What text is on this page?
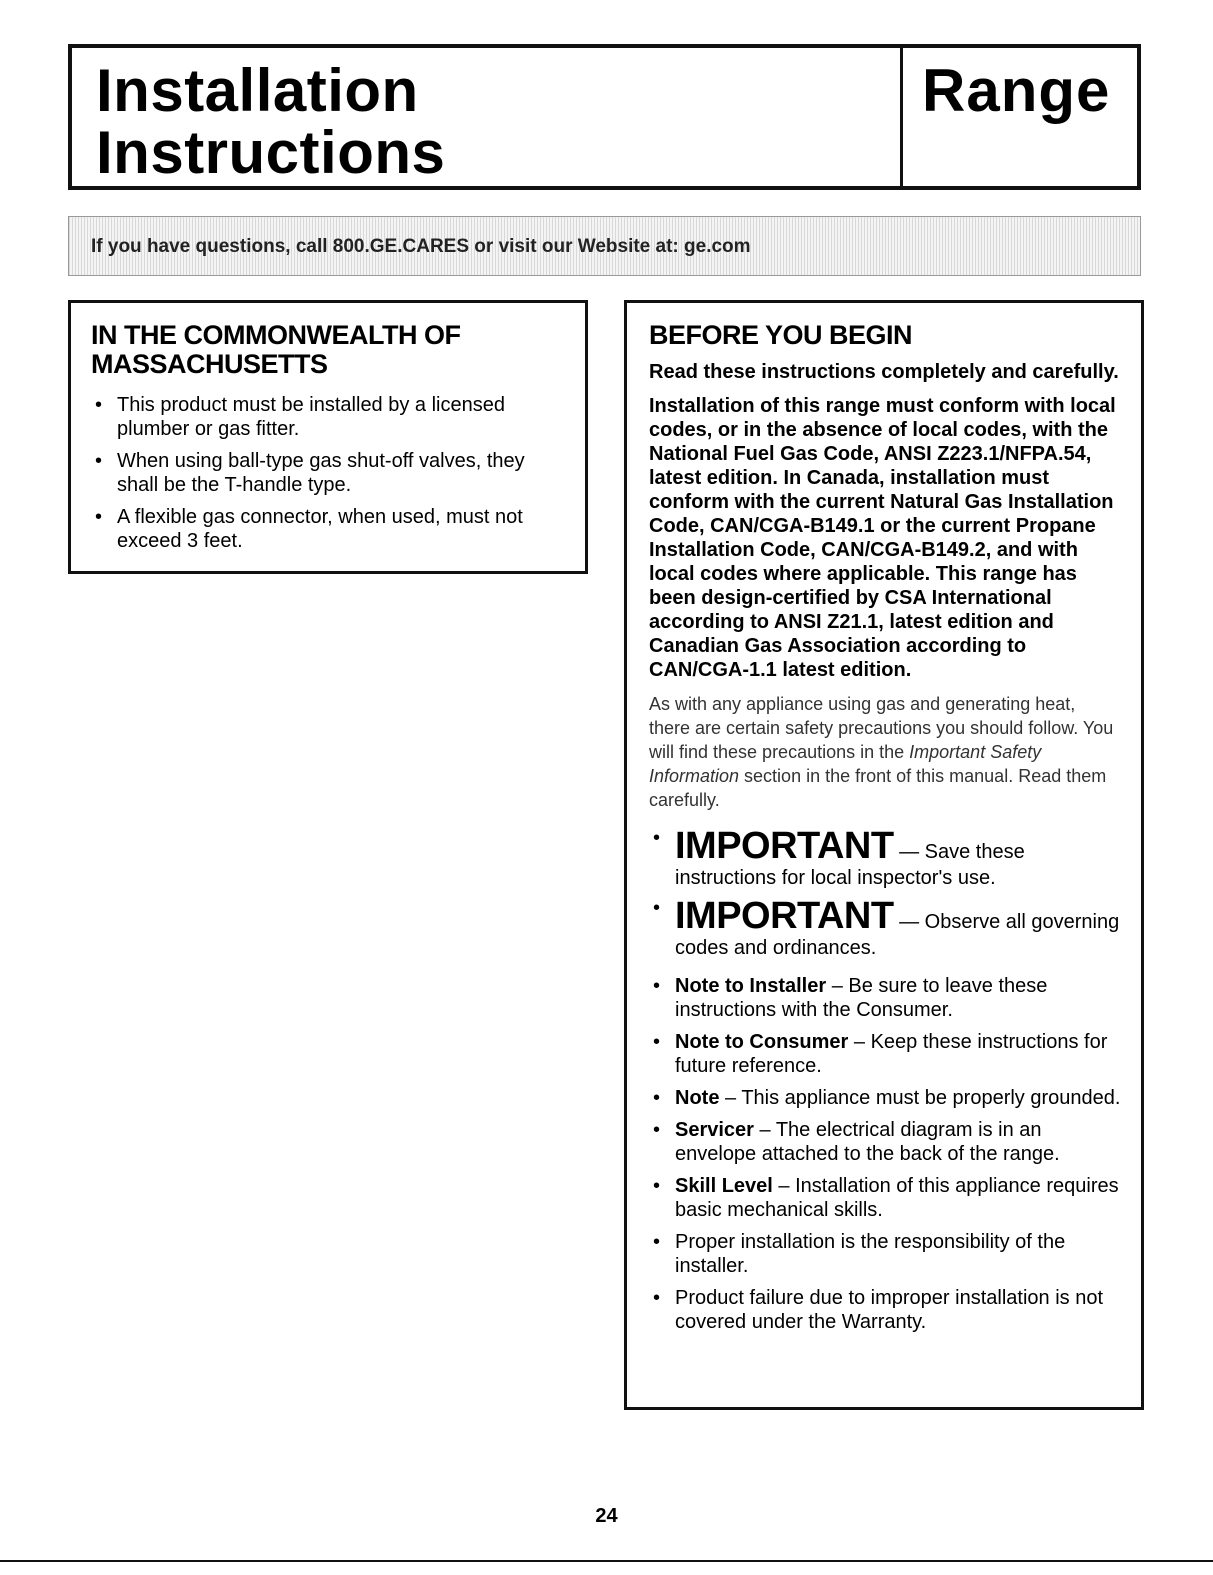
Installation
Instructions
Range
If you have questions, call 800.GE.CARES or visit our Website at: ge.com
IN THE COMMONWEALTH OF MASSACHUSETTS
• This product must be installed by a licensed plumber or gas fitter.
• When using ball-type gas shut-off valves, they shall be the T-handle type.
• A flexible gas connector, when used, must not exceed 3 feet.
BEFORE YOU BEGIN

Read these instructions completely and carefully.

Installation of this range must conform with local codes, or in the absence of local codes, with the National Fuel Gas Code, ANSI Z223.1/NFPA.54, latest edition. In Canada, installation must conform with the current Natural Gas Installation Code, CAN/CGA-B149.1 or the current Propane Installation Code, CAN/CGA-B149.2, and with local codes where applicable. This range has been design-certified by CSA International according to ANSI Z21.1, latest edition and Canadian Gas Association according to CAN/CGA-1.1 latest edition.

As with any appliance using gas and generating heat, there are certain safety precautions you should follow. You will find these precautions in the Important Safety Information section in the front of this manual. Read them carefully.

• IMPORTANT — Save these instructions for local inspector's use.
• IMPORTANT — Observe all governing codes and ordinances.
• Note to Installer – Be sure to leave these instructions with the Consumer.
• Note to Consumer – Keep these instructions for future reference.
• Note – This appliance must be properly grounded.
• Servicer – The electrical diagram is in an envelope attached to the back of the range.
• Skill Level – Installation of this appliance requires basic mechanical skills.
• Proper installation is the responsibility of the installer.
• Product failure due to improper installation is not covered under the Warranty.
24
